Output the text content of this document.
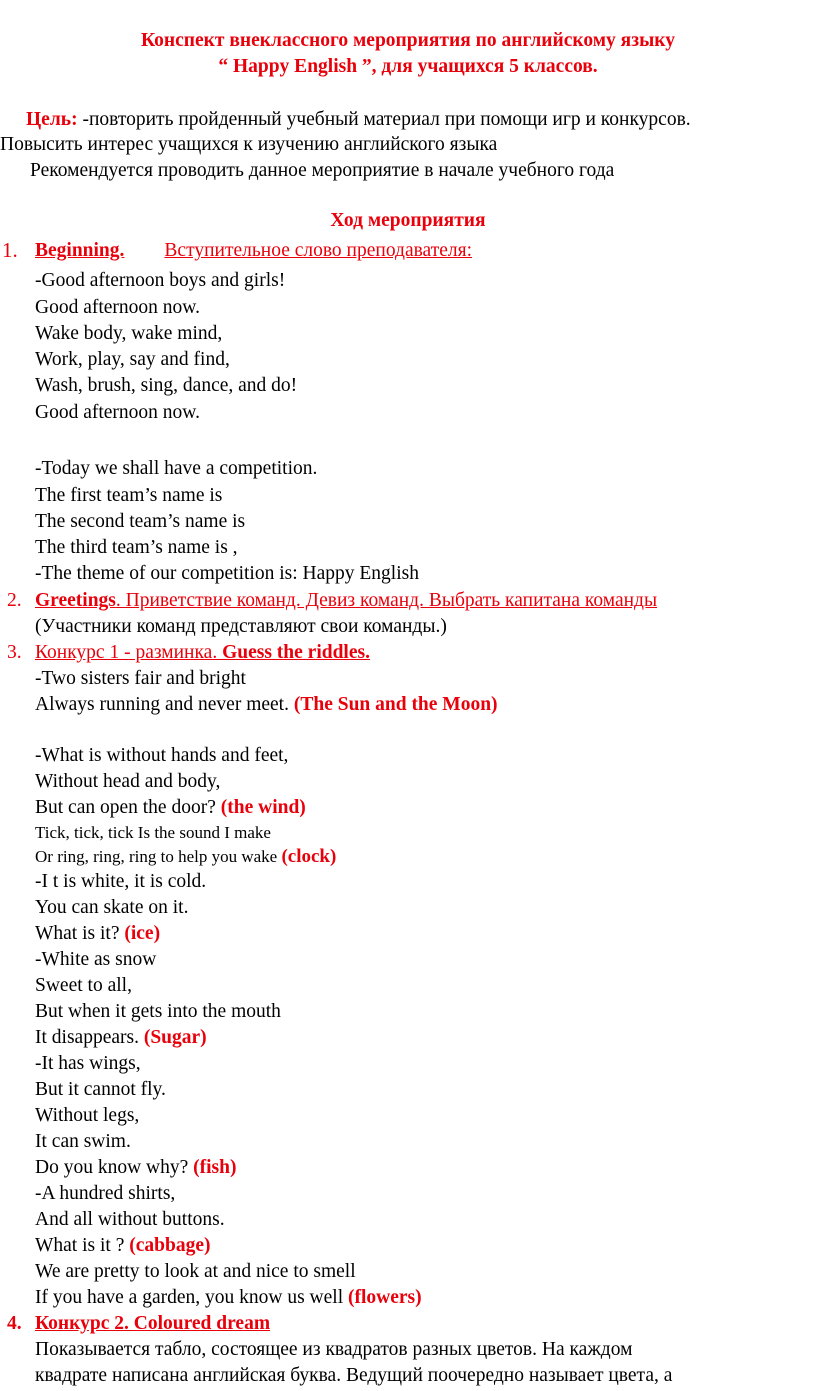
Конспект внеклассного мероприятия по английскому языку
“ Happy English ”, для учащихся 5 классов.
Цель: -повторить пройденный учебный материал при помощи игр и конкурсов.
Повысить интерес учащихся к изучению английского языка
Рекомендуется проводить данное мероприятие в начале учебного года
Ход мероприятия
1. Beginning. Вступительное слово преподавателя:
-Good afternoon boys and girls!
Good afternoon now.
Wake body, wake mind,
Work, play, say and find,
Wash, brush, sing, dance, and do!
Good afternoon now.
-Today we shall have a competition.
The first team’s name is
The second team’s name is
The third team’s name is ,
-The theme of our competition is: Happy English
2. Greetings. Приветствие команд. Девиз команд. Выбрать капитана команды
(Участники команд представляют свои команды.)
3. Конкурс 1 - разминка. Guess the riddles.
-Two sisters fair and bright
Always running and never meet. (The Sun and the Moon)
-What is without hands and feet,
Without head and body,
But can open the door? (the wind)
Tick, tick, tick Is the sound I make
Or ring, ring, ring to help you wake (clock)
-I t is white, it is cold.
You can skate on it.
What is it? (ice)
-White as snow
Sweet to all,
But when it gets into the mouth
It disappears. (Sugar)
-It has wings,
But it cannot fly.
Without legs,
It can swim.
Do you know why? (fish)
-A hundred shirts,
And all without buttons.
What is it ? (cabbage)
We are pretty to look at and nice to smell
If you have a garden, you know us well (flowers)
4. Конкурс 2. Coloured dream
Показывается табло, состоящее из квадратов разных цветов. На каждом
квадрате написана английская буква. Ведущий поочередно называет цвета, а
